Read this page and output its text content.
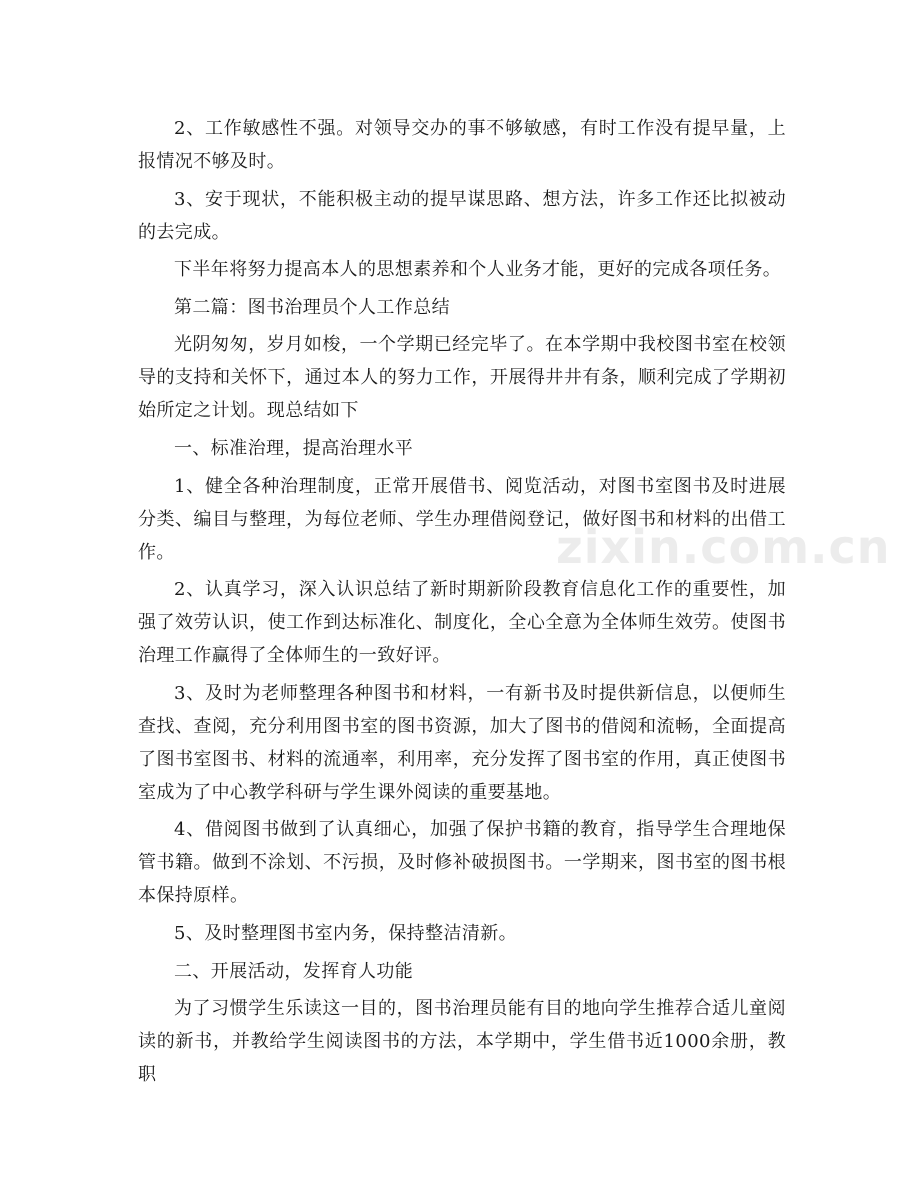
zixin.com.cn

2、工作敏感性不强。对领导交办的事不够敏感，有时工作没有提早量，上报情况不够及时。

3、安于现状，不能积极主动的提早谋思路、想方法，许多工作还比拟被动的去完成。

下半年将努力提高本人的思想素养和个人业务才能，更好的完成各项任务。

第二篇：图书治理员个人工作总结

光阴匆匆，岁月如梭，一个学期已经完毕了。在本学期中我校图书室在校领导的支持和关怀下，通过本人的努力工作，开展得井井有条，顺利完成了学期初始所定之计划。现总结如下

一、标准治理，提高治理水平

1、健全各种治理制度，正常开展借书、阅览活动，对图书室图书及时进展分类、编目与整理，为每位老师、学生办理借阅登记，做好图书和材料的出借工作。

2、认真学习，深入认识总结了新时期新阶段教育信息化工作的重要性，加强了效劳认识，使工作到达标准化、制度化，全心全意为全体师生效劳。使图书治理工作赢得了全体师生的一致好评。

3、及时为老师整理各种图书和材料，一有新书及时提供新信息，以便师生查找、查阅，充分利用图书室的图书资源，加大了图书的借阅和流畅，全面提高了图书室图书、材料的流通率，利用率，充分发挥了图书室的作用，真正使图书室成为了中心教学科研与学生课外阅读的重要基地。

4、借阅图书做到了认真细心，加强了保护书籍的教育，指导学生合理地保管书籍。做到不涂划、不污损，及时修补破损图书。一学期来，图书室的图书根本保持原样。

5、及时整理图书室内务，保持整洁清新。

二、开展活动，发挥育人功能

为了习惯学生乐读这一目的，图书治理员能有目的地向学生推荐合适儿童阅读的新书，并教给学生阅读图书的方法，本学期中，学生借书近1000余册，教职
